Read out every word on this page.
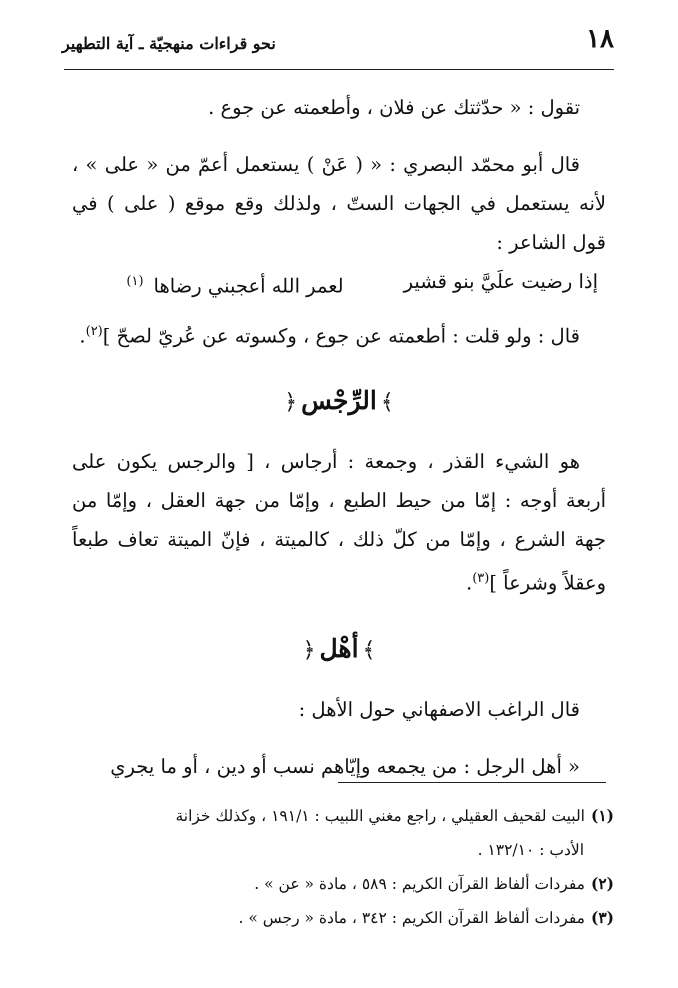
١٨
نحو قراءات منهجيّة ـ آية التطهير

تقول : « حدّثتك عن فلان ، وأطعمته عن جوع .

قال أبو محمّد البصري : « ( عَنْ ) يستعمل أعمّ من « على » ، لأنه يستعمل في الجهات الستّ ، ولذلك وقع موقع ( على ) في قول الشاعر :

إذا رضيت علَيَّ بنو قشير
لعمر الله أعجبني رضاها$^{(١)}$

قال : ولو قلت : أطعمته عن جوع ، وكسوته عن عُريّ لصحّ ]$^{(٢)}$.

﴾الرِّجْس﴿

هو الشيء القذر ، وجمعة : أرجاس ، [ والرجس يكون على أربعة أوجه : إمّا من حيط الطبع ، وإمّا من جهة العقل ، وإمّا من جهة الشرع ، وإمّا من كلّ ذلك ، كالميتة ، فإنّ الميتة تعاف طبعاً وعقلاً وشرعاً ]$^{(٣)}$.

﴾أهْل﴿

قال الراغب الاصفهاني حول الأهل :

« أهل الرجل : من يجمعه وإيّاهم نسب أو دين ، أو ما يجري

(١)البيت لقحيف العقيلي ، راجع مغني اللبيب : ١٩١/١ ، وكذلك خزانة

الأدب : ١٣٢/١٠ .

(٢)مفردات ألفاظ القرآن الكريم : ٥٨٩ ، مادة « عن » .

(٣)مفردات ألفاظ القرآن الكريم : ٣٤٢ ، مادة « رجس » .
